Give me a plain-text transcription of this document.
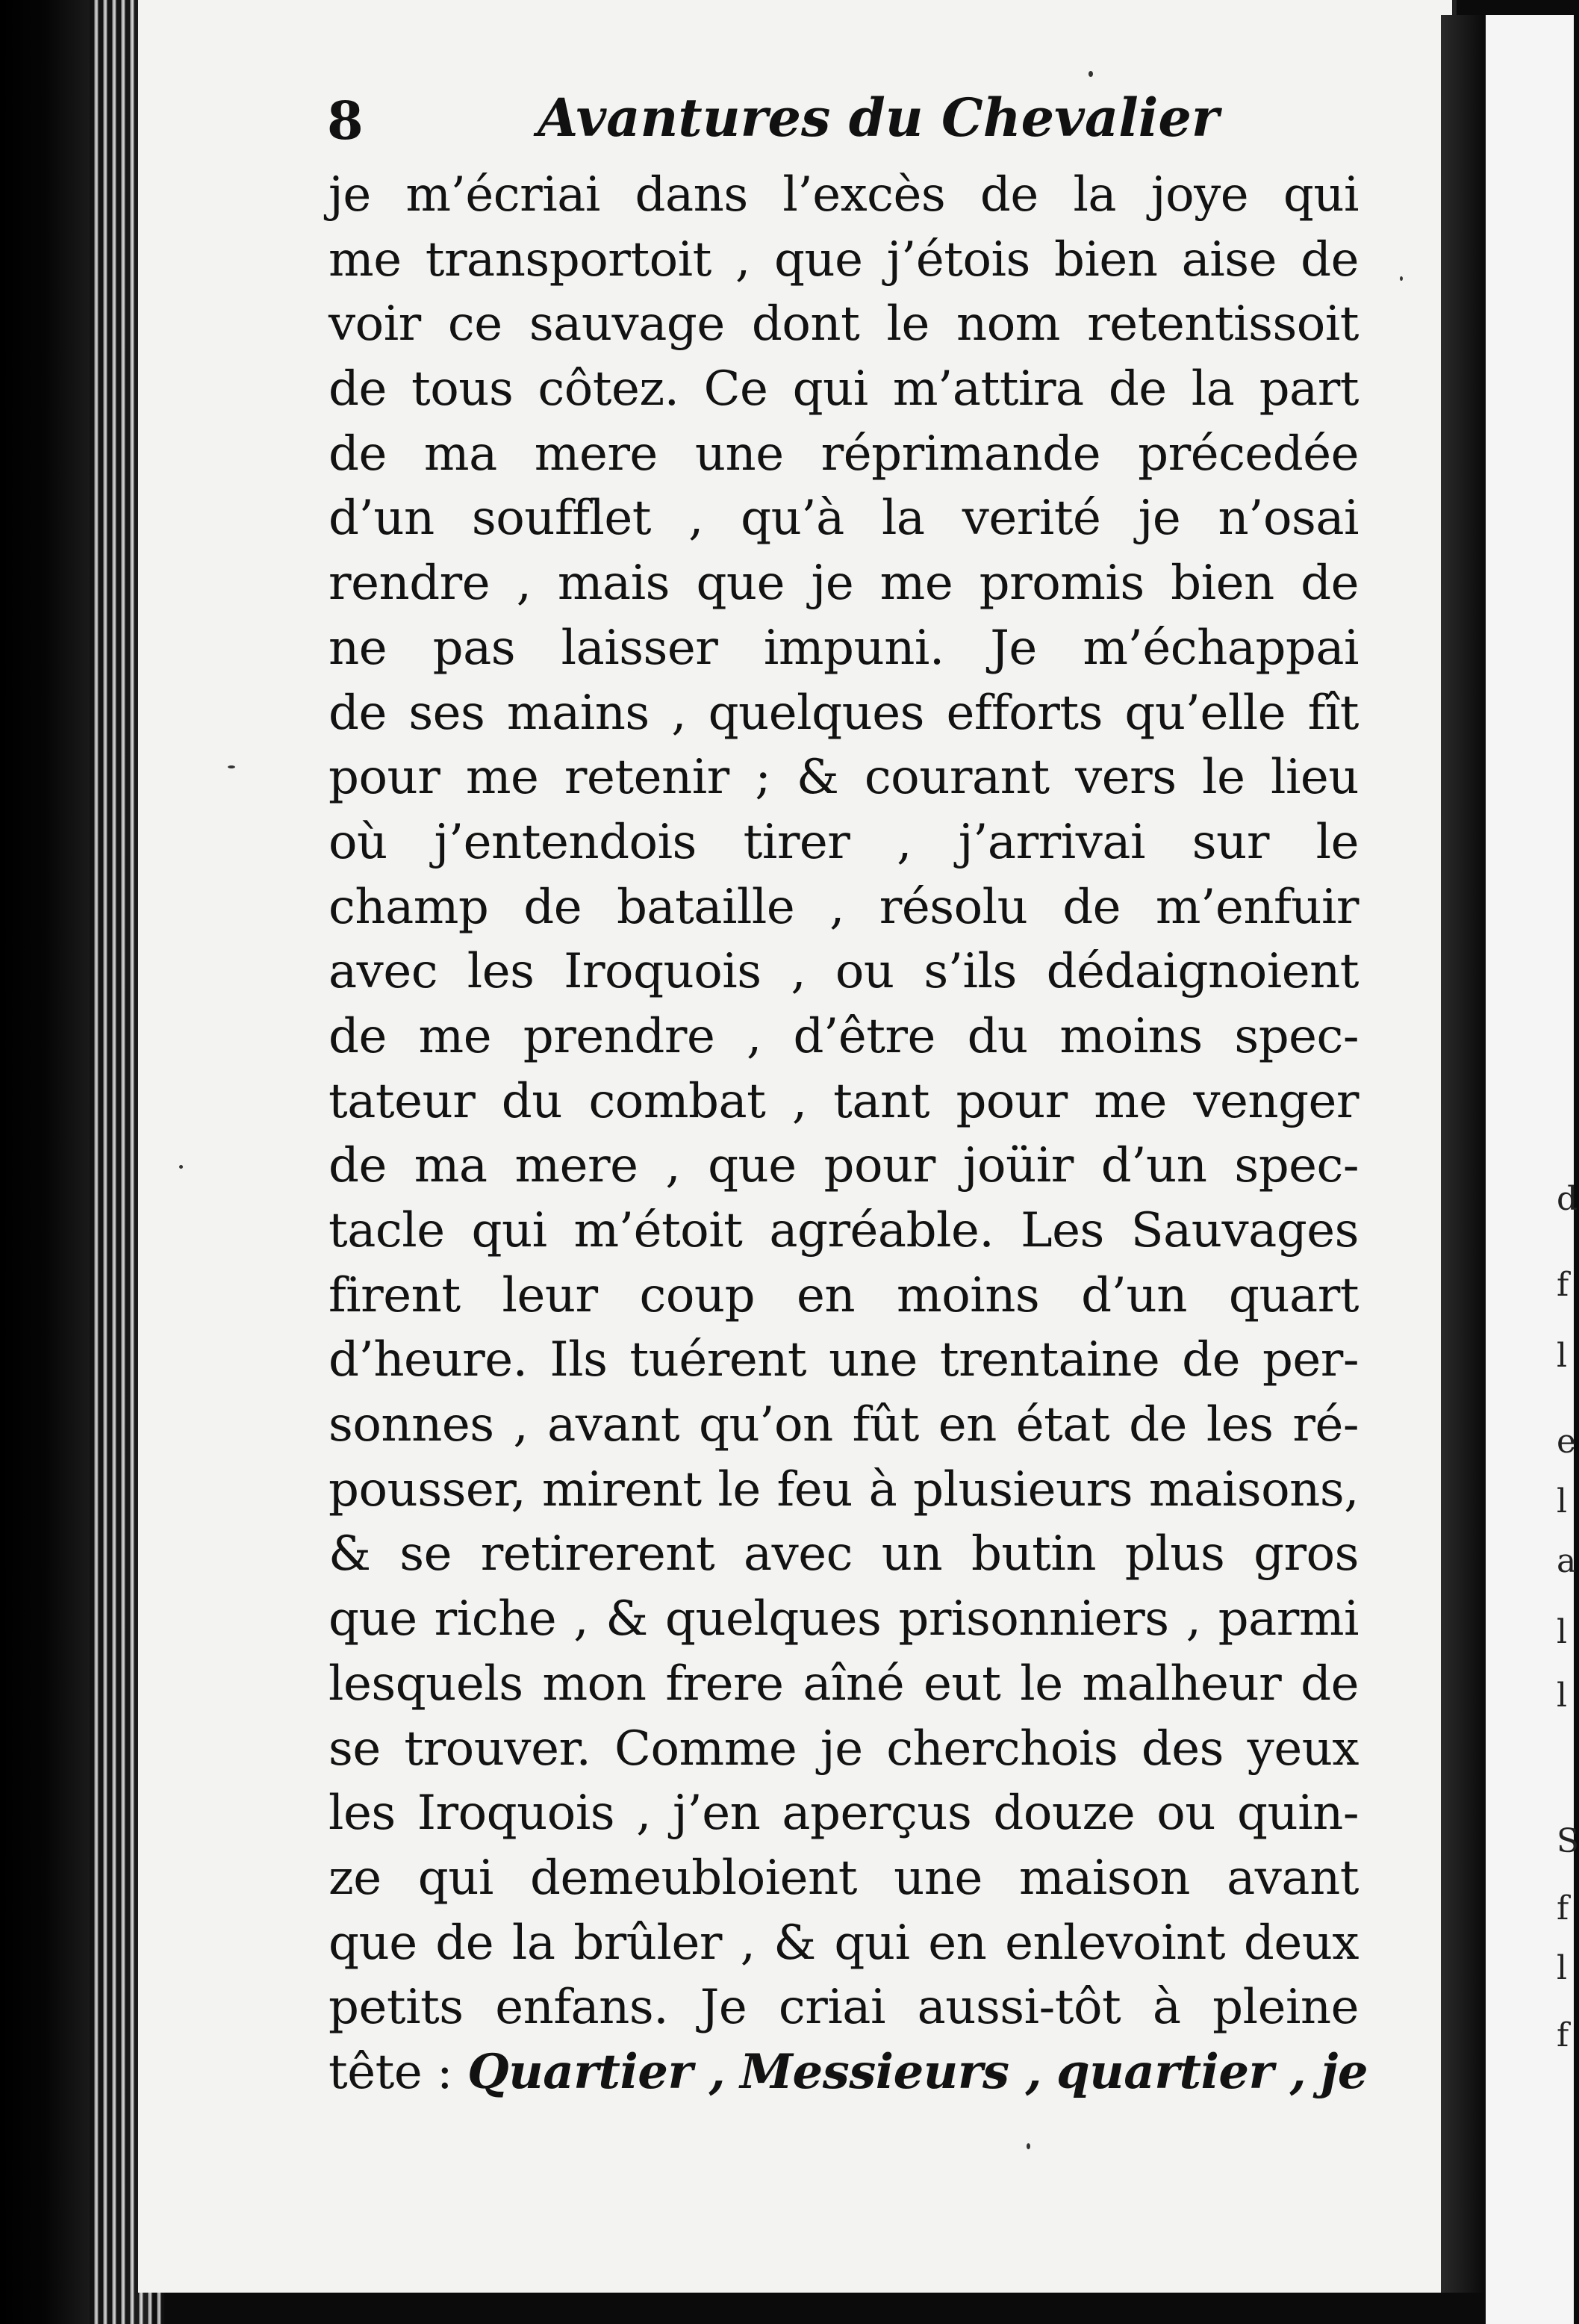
d
f
l
e
l
a
l
l
S
f
l
f
8	Avantures du Chevalier
je m’écriai dans l’excès de la joye qui
me transportoit , que j’étois bien aise de
voir ce sauvage dont le nom retentissoit
de tous côtez. Ce qui m’attira de la part
de ma mere une réprimande précedée
d’un soufflet , qu’à la verité je n’osai
rendre , mais que je me promis bien de
ne pas laisser impuni. Je m’échappai
de ses mains , quelques efforts qu’elle fît
pour me retenir ; & courant vers le lieu
où j’entendois tirer , j’arrivai sur le
champ de bataille , résolu de m’enfuir
avec les Iroquois , ou s’ils dédaignoient
de me prendre , d’être du moins spec-
tateur du combat , tant pour me venger
de ma mere , que pour joüir d’un spec-
tacle qui m’étoit agréable. Les Sauvages
firent leur coup en moins d’un quart
d’heure. Ils tuérent une trentaine de per-
sonnes , avant qu’on fût en état de les ré-
pousser, mirent le feu à plusieurs maisons,
& se retirerent avec un butin plus gros
que riche , & quelques prisonniers , parmi
lesquels mon frere aîné eut le malheur de
se trouver. Comme je cherchois des yeux
les Iroquois , j’en aperçus douze ou quin-
ze qui demeubloient une maison avant
que de la brûler , & qui en enlevoint deux
petits enfans. Je criai aussi-tôt à pleine
tête : Quartier , Messieurs , quartier , je
